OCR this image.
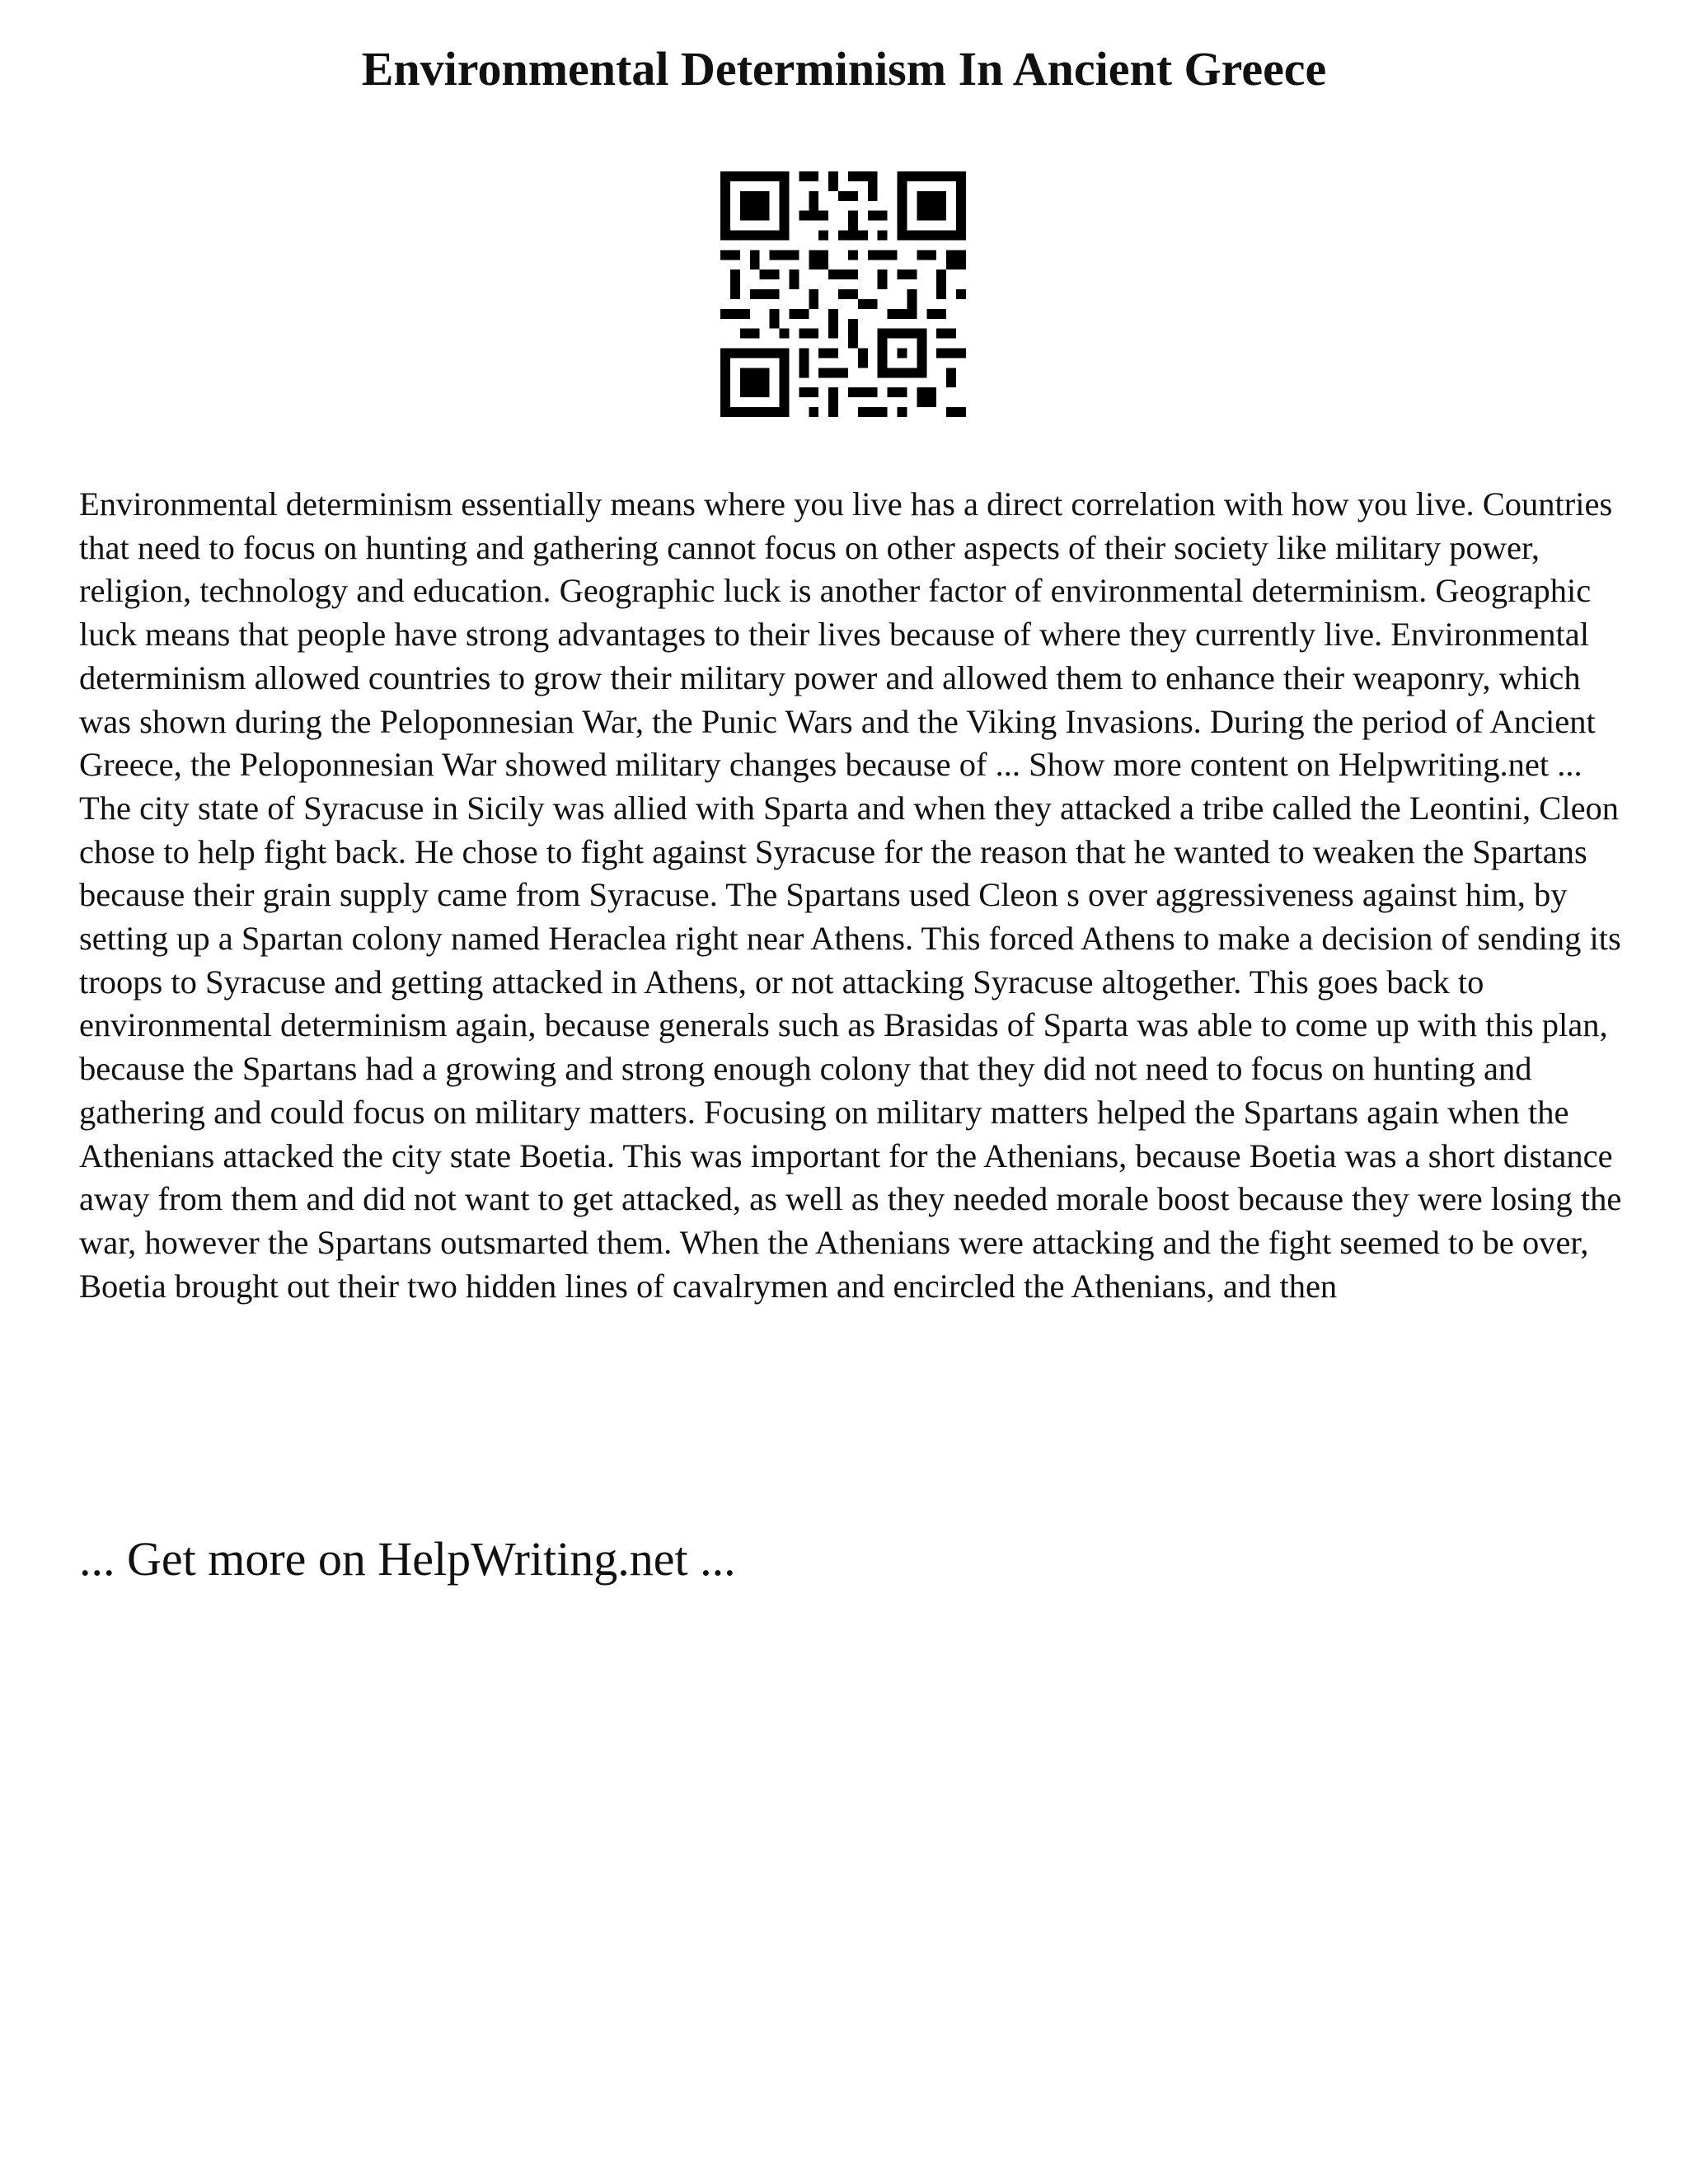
Environmental Determinism In Ancient Greece

Environmental determinism essentially means where you live has a direct correlation with how you live. Countries that need to focus on hunting and gathering cannot focus on other aspects of their society like military power, religion, technology and education. Geographic luck is another factor of environmental determinism. Geographic luck means that people have strong advantages to their lives because of where they currently live. Environmental determinism allowed countries to grow their military power and allowed them to enhance their weaponry, which was shown during the Peloponnesian War, the Punic Wars and the Viking Invasions. During the period of Ancient Greece, the Peloponnesian War showed military changes because of ... Show more content on Helpwriting.net ...

The city state of Syracuse in Sicily was allied with Sparta and when they attacked a tribe called the Leontini, Cleon chose to help fight back. He chose to fight against Syracuse for the reason that he wanted to weaken the Spartans because their grain supply came from Syracuse. The Spartans used Cleon s over aggressiveness against him, by setting up a Spartan colony named Heraclea right near Athens. This forced Athens to make a decision of sending its troops to Syracuse and getting attacked in Athens, or not attacking Syracuse altogether. This goes back to environmental determinism again, because generals such as Brasidas of Sparta was able to come up with this plan, because the Spartans had a growing and strong enough colony that they did not need to focus on hunting and gathering and could focus on military matters. Focusing on military matters helped the Spartans again when the Athenians attacked the city state Boetia. This was important for the Athenians, because Boetia was a short distance away from them and did not want to get attacked, as well as they needed morale boost because they were losing the war, however the Spartans outsmarted them. When the Athenians were attacking and the fight seemed to be over, Boetia brought out their two hidden lines of cavalrymen and encircled the Athenians, and then

... Get more on HelpWriting.net ...
